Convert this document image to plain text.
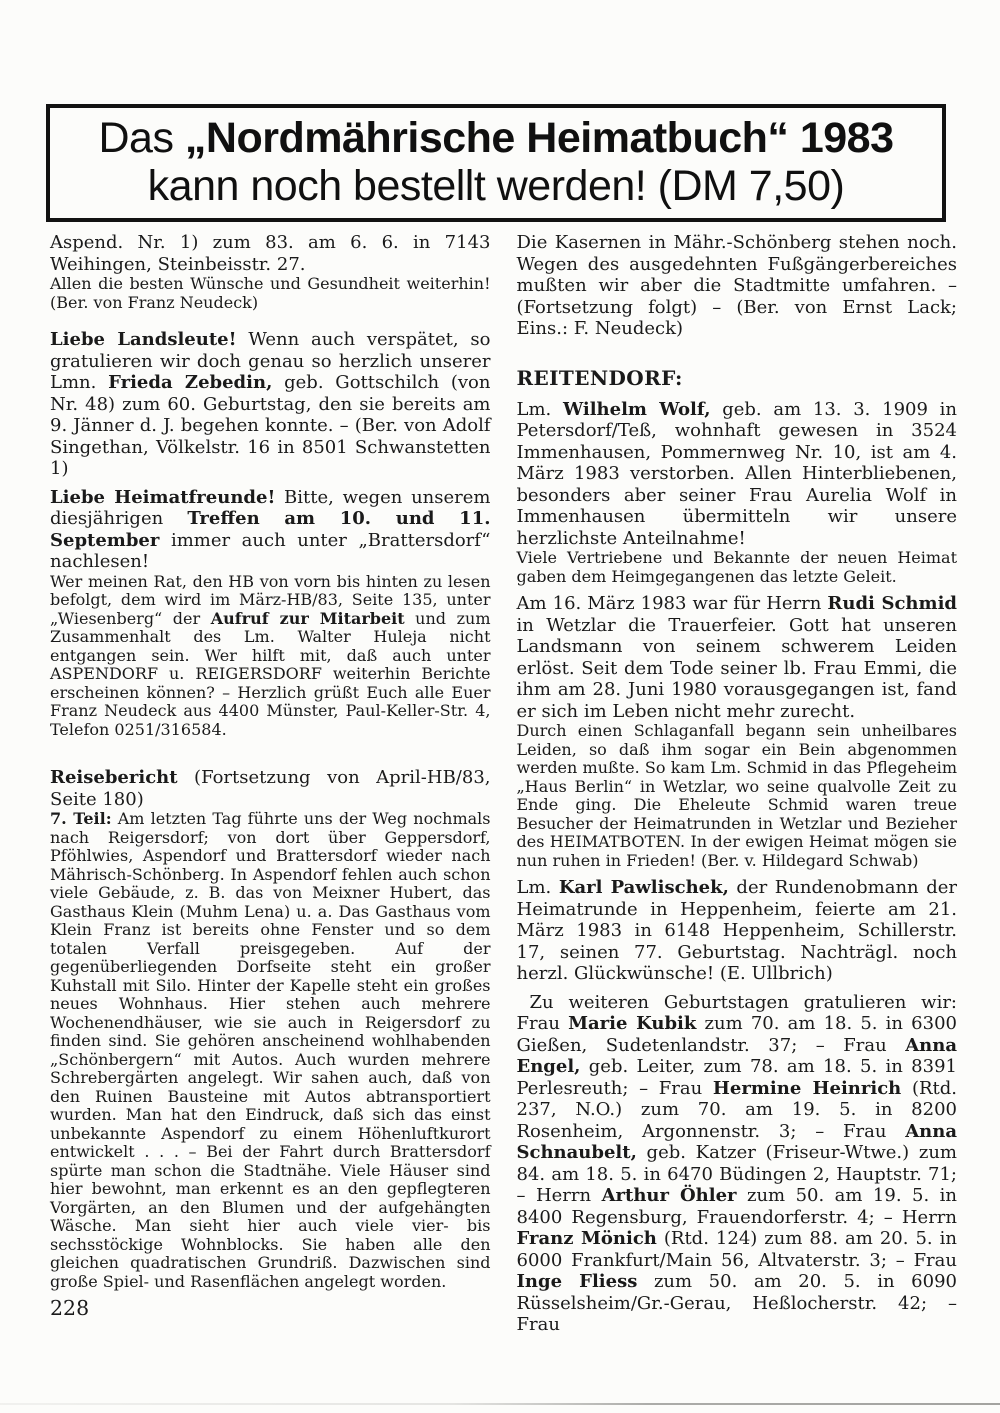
Das „Nordmährische Heimatbuch“ 1983
kann noch bestellt werden! (DM 7,50)

Aspend. Nr. 1) zum 83. am 6. 6. in 7143 Weihingen, Steinbeisstr. 27.

Allen die besten Wünsche und Gesundheit weiterhin! (Ber. von Franz Neudeck)

Liebe Landsleute! Wenn auch verspätet, so gratulieren wir doch genau so herzlich unserer Lmn. Frieda Zebedin, geb. Gottschilch (von Nr. 48) zum 60. Geburtstag, den sie bereits am 9. Jänner d. J. begehen konnte. – (Ber. von Adolf Singethan, Völkelstr. 16 in 8501 Schwanstetten 1)

Liebe Heimatfreunde! Bitte, wegen unserem diesjährigen Treffen am 10. und 11. September immer auch unter „Brattersdorf“ nachlesen!

Wer meinen Rat, den HB von vorn bis hinten zu lesen befolgt, dem wird im März-HB/83, Seite 135, unter „Wiesenberg“ der Aufruf zur Mitarbeit und zum Zusammenhalt des Lm. Walter Huleja nicht entgangen sein. Wer hilft mit, daß auch unter ASPENDORF u. REIGERSDORF weiterhin Berichte erscheinen können? – Herzlich grüßt Euch alle Euer Franz Neudeck aus 4400 Münster, Paul-Keller-Str. 4, Telefon 0251/316584.

Reisebericht (Fortsetzung von April-HB/83, Seite 180)

7. Teil: Am letzten Tag führte uns der Weg nochmals nach Reigersdorf; von dort über Geppersdorf, Pföhlwies, Aspendorf und Brattersdorf wieder nach Mährisch-Schönberg. In Aspendorf fehlen auch schon viele Gebäude, z. B. das von Meixner Hubert, das Gasthaus Klein (Muhm Lena) u. a. Das Gasthaus vom Klein Franz ist bereits ohne Fenster und so dem totalen Verfall preisgegeben. Auf der gegenüberliegenden Dorfseite steht ein großer Kuhstall mit Silo. Hinter der Kapelle steht ein großes neues Wohnhaus. Hier stehen auch mehrere Wochenendhäuser, wie sie auch in Reigersdorf zu finden sind. Sie gehören anscheinend wohlhabenden „Schönbergern“ mit Autos. Auch wurden mehrere Schrebergärten angelegt. Wir sahen auch, daß von den Ruinen Bausteine mit Autos abtransportiert wurden. Man hat den Eindruck, daß sich das einst unbekannte Aspendorf zu einem Höhenluftkurort entwickelt . . . – Bei der Fahrt durch Brattersdorf spürte man schon die Stadtnähe. Viele Häuser sind hier bewohnt, man erkennt es an den gepflegteren Vorgärten, an den Blumen und der aufgehängten Wäsche. Man sieht hier auch viele vier- bis sechsstöckige Wohnblocks. Sie haben alle den gleichen quadratischen Grundriß. Dazwischen sind große Spiel- und Rasenflächen angelegt worden.

Die Kasernen in Mähr.-Schönberg stehen noch. Wegen des ausgedehnten Fußgängerbereiches mußten wir aber die Stadtmitte umfahren. – (Fortsetzung folgt) – (Ber. von Ernst Lack; Eins.: F. Neudeck)

REITENDORF:

Lm. Wilhelm Wolf, geb. am 13. 3. 1909 in Petersdorf/Teß, wohnhaft gewesen in 3524 Immenhausen, Pommernweg Nr. 10, ist am 4. März 1983 verstorben. Allen Hinterbliebenen, besonders aber seiner Frau Aurelia Wolf in Immenhausen übermitteln wir unsere herzlichste Anteilnahme!

Viele Vertriebene und Bekannte der neuen Heimat gaben dem Heimgegangenen das letzte Geleit.

Am 16. März 1983 war für Herrn Rudi Schmid in Wetzlar die Trauerfeier. Gott hat unseren Landsmann von seinem schwerem Leiden erlöst. Seit dem Tode seiner lb. Frau Emmi, die ihm am 28. Juni 1980 vorausgegangen ist, fand er sich im Leben nicht mehr zurecht.

Durch einen Schlaganfall begann sein unheilbares Leiden, so daß ihm sogar ein Bein abgenommen werden mußte. So kam Lm. Schmid in das Pflegeheim „Haus Berlin“ in Wetzlar, wo seine qualvolle Zeit zu Ende ging. Die Eheleute Schmid waren treue Besucher der Heimatrunden in Wetzlar und Bezieher des HEIMATBOTEN. In der ewigen Heimat mögen sie nun ruhen in Frieden! (Ber. v. Hildegard Schwab)

Lm. Karl Pawlischek, der Rundenobmann der Heimatrunde in Heppenheim, feierte am 21. März 1983 in 6148 Heppenheim, Schillerstr. 17, seinen 77. Geburtstag. Nachträgl. noch herzl. Glückwünsche! (E. Ullbrich)

Zu weiteren Geburtstagen gratulieren wir: Frau Marie Kubik zum 70. am 18. 5. in 6300 Gießen, Sudetenlandstr. 37; – Frau Anna Engel, geb. Leiter, zum 78. am 18. 5. in 8391 Perlesreuth; – Frau Hermine Heinrich (Rtd. 237, N.O.) zum 70. am 19. 5. in 8200 Rosenheim, Argonnenstr. 3; – Frau Anna Schnaubelt, geb. Katzer (Friseur-Wtwe.) zum 84. am 18. 5. in 6470 Büdingen 2, Hauptstr. 71; – Herrn Arthur Öhler zum 50. am 19. 5. in 8400 Regensburg, Frauendorferstr. 4; – Herrn Franz Mönich (Rtd. 124) zum 88. am 20. 5. in 6000 Frankfurt/Main 56, Altvaterstr. 3; – Frau Inge Fliess zum 50. am 20. 5. in 6090 Rüsselsheim/Gr.-Gerau, Heßlocherstr. 42; – Frau

228
